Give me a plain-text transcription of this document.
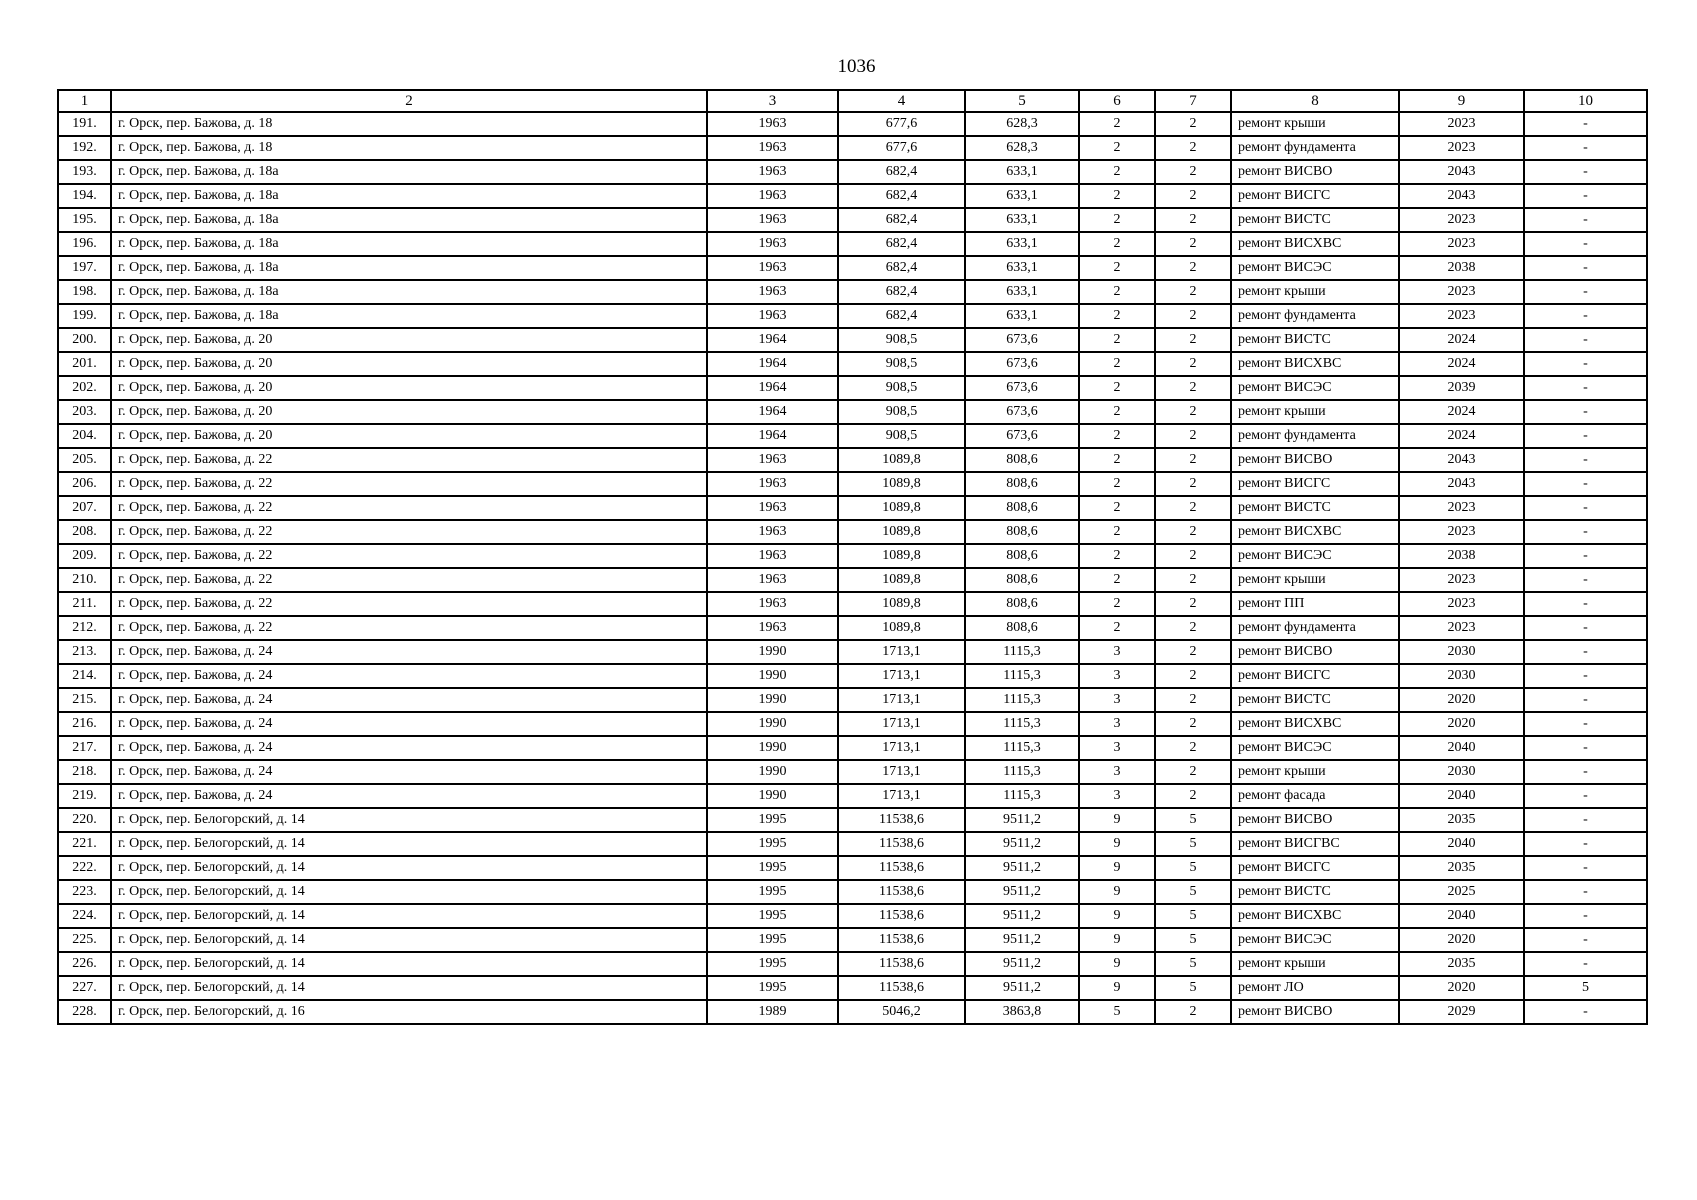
1036
1	2	3	4	5	6	7	8	9	10
191.	г. Орск, пер. Бажова, д. 18	1963	677,6	628,3	2	2	ремонт крыши	2023	-
192.	г. Орск, пер. Бажова, д. 18	1963	677,6	628,3	2	2	ремонт фундамента	2023	-
193.	г. Орск, пер. Бажова, д. 18а	1963	682,4	633,1	2	2	ремонт ВИСВО	2043	-
194.	г. Орск, пер. Бажова, д. 18а	1963	682,4	633,1	2	2	ремонт ВИСГС	2043	-
195.	г. Орск, пер. Бажова, д. 18а	1963	682,4	633,1	2	2	ремонт ВИСТС	2023	-
196.	г. Орск, пер. Бажова, д. 18а	1963	682,4	633,1	2	2	ремонт ВИСХВС	2023	-
197.	г. Орск, пер. Бажова, д. 18а	1963	682,4	633,1	2	2	ремонт ВИСЭС	2038	-
198.	г. Орск, пер. Бажова, д. 18а	1963	682,4	633,1	2	2	ремонт крыши	2023	-
199.	г. Орск, пер. Бажова, д. 18а	1963	682,4	633,1	2	2	ремонт фундамента	2023	-
200.	г. Орск, пер. Бажова, д. 20	1964	908,5	673,6	2	2	ремонт ВИСТС	2024	-
201.	г. Орск, пер. Бажова, д. 20	1964	908,5	673,6	2	2	ремонт ВИСХВС	2024	-
202.	г. Орск, пер. Бажова, д. 20	1964	908,5	673,6	2	2	ремонт ВИСЭС	2039	-
203.	г. Орск, пер. Бажова, д. 20	1964	908,5	673,6	2	2	ремонт крыши	2024	-
204.	г. Орск, пер. Бажова, д. 20	1964	908,5	673,6	2	2	ремонт фундамента	2024	-
205.	г. Орск, пер. Бажова, д. 22	1963	1089,8	808,6	2	2	ремонт ВИСВО	2043	-
206.	г. Орск, пер. Бажова, д. 22	1963	1089,8	808,6	2	2	ремонт ВИСГС	2043	-
207.	г. Орск, пер. Бажова, д. 22	1963	1089,8	808,6	2	2	ремонт ВИСТС	2023	-
208.	г. Орск, пер. Бажова, д. 22	1963	1089,8	808,6	2	2	ремонт ВИСХВС	2023	-
209.	г. Орск, пер. Бажова, д. 22	1963	1089,8	808,6	2	2	ремонт ВИСЭС	2038	-
210.	г. Орск, пер. Бажова, д. 22	1963	1089,8	808,6	2	2	ремонт крыши	2023	-
211.	г. Орск, пер. Бажова, д. 22	1963	1089,8	808,6	2	2	ремонт ПП	2023	-
212.	г. Орск, пер. Бажова, д. 22	1963	1089,8	808,6	2	2	ремонт фундамента	2023	-
213.	г. Орск, пер. Бажова, д. 24	1990	1713,1	1115,3	3	2	ремонт ВИСВО	2030	-
214.	г. Орск, пер. Бажова, д. 24	1990	1713,1	1115,3	3	2	ремонт ВИСГС	2030	-
215.	г. Орск, пер. Бажова, д. 24	1990	1713,1	1115,3	3	2	ремонт ВИСТС	2020	-
216.	г. Орск, пер. Бажова, д. 24	1990	1713,1	1115,3	3	2	ремонт ВИСХВС	2020	-
217.	г. Орск, пер. Бажова, д. 24	1990	1713,1	1115,3	3	2	ремонт ВИСЭС	2040	-
218.	г. Орск, пер. Бажова, д. 24	1990	1713,1	1115,3	3	2	ремонт крыши	2030	-
219.	г. Орск, пер. Бажова, д. 24	1990	1713,1	1115,3	3	2	ремонт фасада	2040	-
220.	г. Орск, пер. Белогорский, д. 14	1995	11538,6	9511,2	9	5	ремонт ВИСВО	2035	-
221.	г. Орск, пер. Белогорский, д. 14	1995	11538,6	9511,2	9	5	ремонт ВИСГВС	2040	-
222.	г. Орск, пер. Белогорский, д. 14	1995	11538,6	9511,2	9	5	ремонт ВИСГС	2035	-
223.	г. Орск, пер. Белогорский, д. 14	1995	11538,6	9511,2	9	5	ремонт ВИСТС	2025	-
224.	г. Орск, пер. Белогорский, д. 14	1995	11538,6	9511,2	9	5	ремонт ВИСХВС	2040	-
225.	г. Орск, пер. Белогорский, д. 14	1995	11538,6	9511,2	9	5	ремонт ВИСЭС	2020	-
226.	г. Орск, пер. Белогорский, д. 14	1995	11538,6	9511,2	9	5	ремонт крыши	2035	-
227.	г. Орск, пер. Белогорский, д. 14	1995	11538,6	9511,2	9	5	ремонт ЛО	2020	5
228.	г. Орск, пер. Белогорский, д. 16	1989	5046,2	3863,8	5	2	ремонт ВИСВО	2029	-
